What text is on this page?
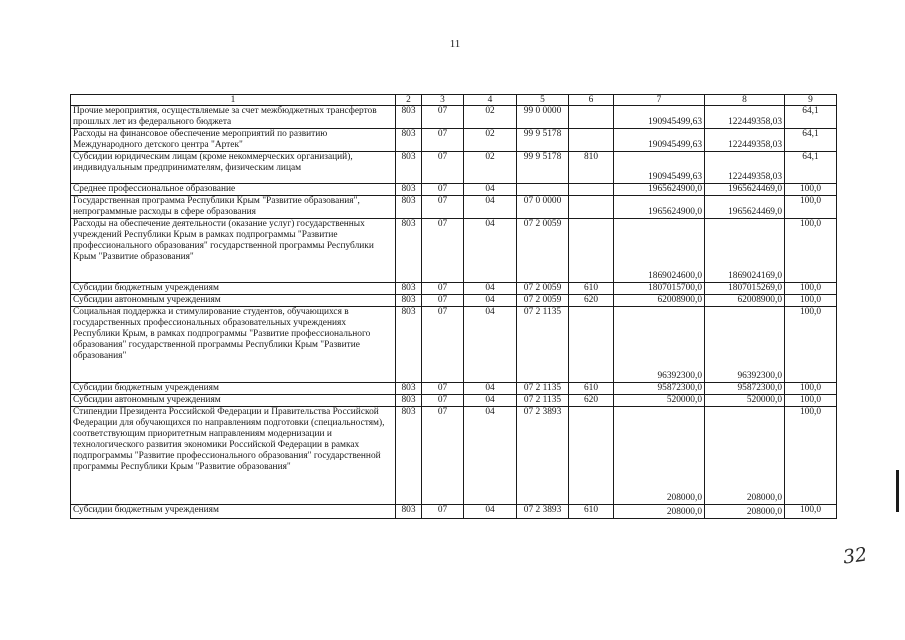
11
1	2	3	4	5	6	7	8	9
Прочие мероприятия, осуществляемые за счет межбюджетных трансфертов прошлых лет из федерального бюджета	803	07	02	99 0 0000		190945499,63	122449358,03	64,1
Расходы на финансовое обеспечение мероприятий по развитию Международного детского центра "Артек"	803	07	02	99 9 5178		190945499,63	122449358,03	64,1
Субсидии юридическим лицам (кроме некоммерческих организаций), индивидуальным предпринимателям, физическим лицам	803	07	02	99 9 5178	810	190945499,63	122449358,03	64,1
Среднее профессиональное образование	803	07	04			1965624900,0	1965624469,0	100,0
Государственная программа Республики Крым "Развитие образования", непрограммные расходы в сфере образования	803	07	04	07 0 0000		1965624900,0	1965624469,0	100,0
Расходы на обеспечение деятельности (оказание услуг) государственных учреждений Республики Крым в рамках подпрограммы "Развитие профессионального образования" государственной программы Республики Крым "Развитие образования"	803	07	04	07 2 0059		1869024600,0	1869024169,0	100,0
Субсидии бюджетным учреждениям	803	07	04	07 2 0059	610	1807015700,0	1807015269,0	100,0
Субсидии автономным учреждениям	803	07	04	07 2 0059	620	62008900,0	62008900,0	100,0
Социальная поддержка и стимулирование студентов, обучающихся в государственных профессиональных образовательных учреждениях Республики Крым, в рамках подпрограммы "Развитие профессионального образования" государственной программы Республики Крым "Развитие образования"	803	07	04	07 2 1135		96392300,0	96392300,0	100,0
Субсидии бюджетным учреждениям	803	07	04	07 2 1135	610	95872300,0	95872300,0	100,0
Субсидии автономным учреждениям	803	07	04	07 2 1135	620	520000,0	520000,0	100,0
Стипендии Президента Российской Федерации и Правительства Российской Федерации для обучающихся по направлениям подготовки (специальностям), соответствующим приоритетным направлениям модернизации и технологического развития экономики Российской Федерации в рамках подпрограммы "Развитие профессионального образования" государственной программы Республики Крым "Развитие образования"	803	07	04	07 2 3893		208000,0	208000,0	100,0
Субсидии бюджетным учреждениям	803	07	04	07 2 3893	610	208000,0	208000,0	100,0
32
